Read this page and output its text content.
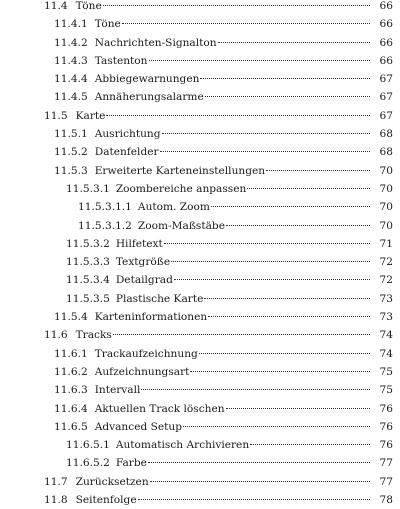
11.4 Töne	66
11.4.1 Töne	66
11.4.2 Nachrichten-Signalton	66
11.4.3 Tastenton	66
11.4.4 Abbiegewarnungen	67
11.4.5 Annäherungsalarme	67
11.5 Karte	67
11.5.1 Ausrichtung	68
11.5.2 Datenfelder	68
11.5.3 Erweiterte Karteneinstellungen	70
11.5.3.1 Zoombereiche anpassen	70
11.5.3.1.1 Autom. Zoom	70
11.5.3.1.2 Zoom-Maßstäbe	70
11.5.3.2 Hilfetext	71
11.5.3.3 Textgröße	72
11.5.3.4 Detailgrad	72
11.5.3.5 Plastische Karte	73
11.5.4 Karteninformationen	73
11.6 Tracks	74
11.6.1 Trackaufzeichnung	74
11.6.2 Aufzeichnungsart	75
11.6.3 Intervall	75
11.6.4 Aktuellen Track löschen	76
11.6.5 Advanced Setup	76
11.6.5.1 Automatisch Archivieren	76
11.6.5.2 Farbe	77
11.7 Zurücksetzen	77
11.8 Seitenfolge	78
